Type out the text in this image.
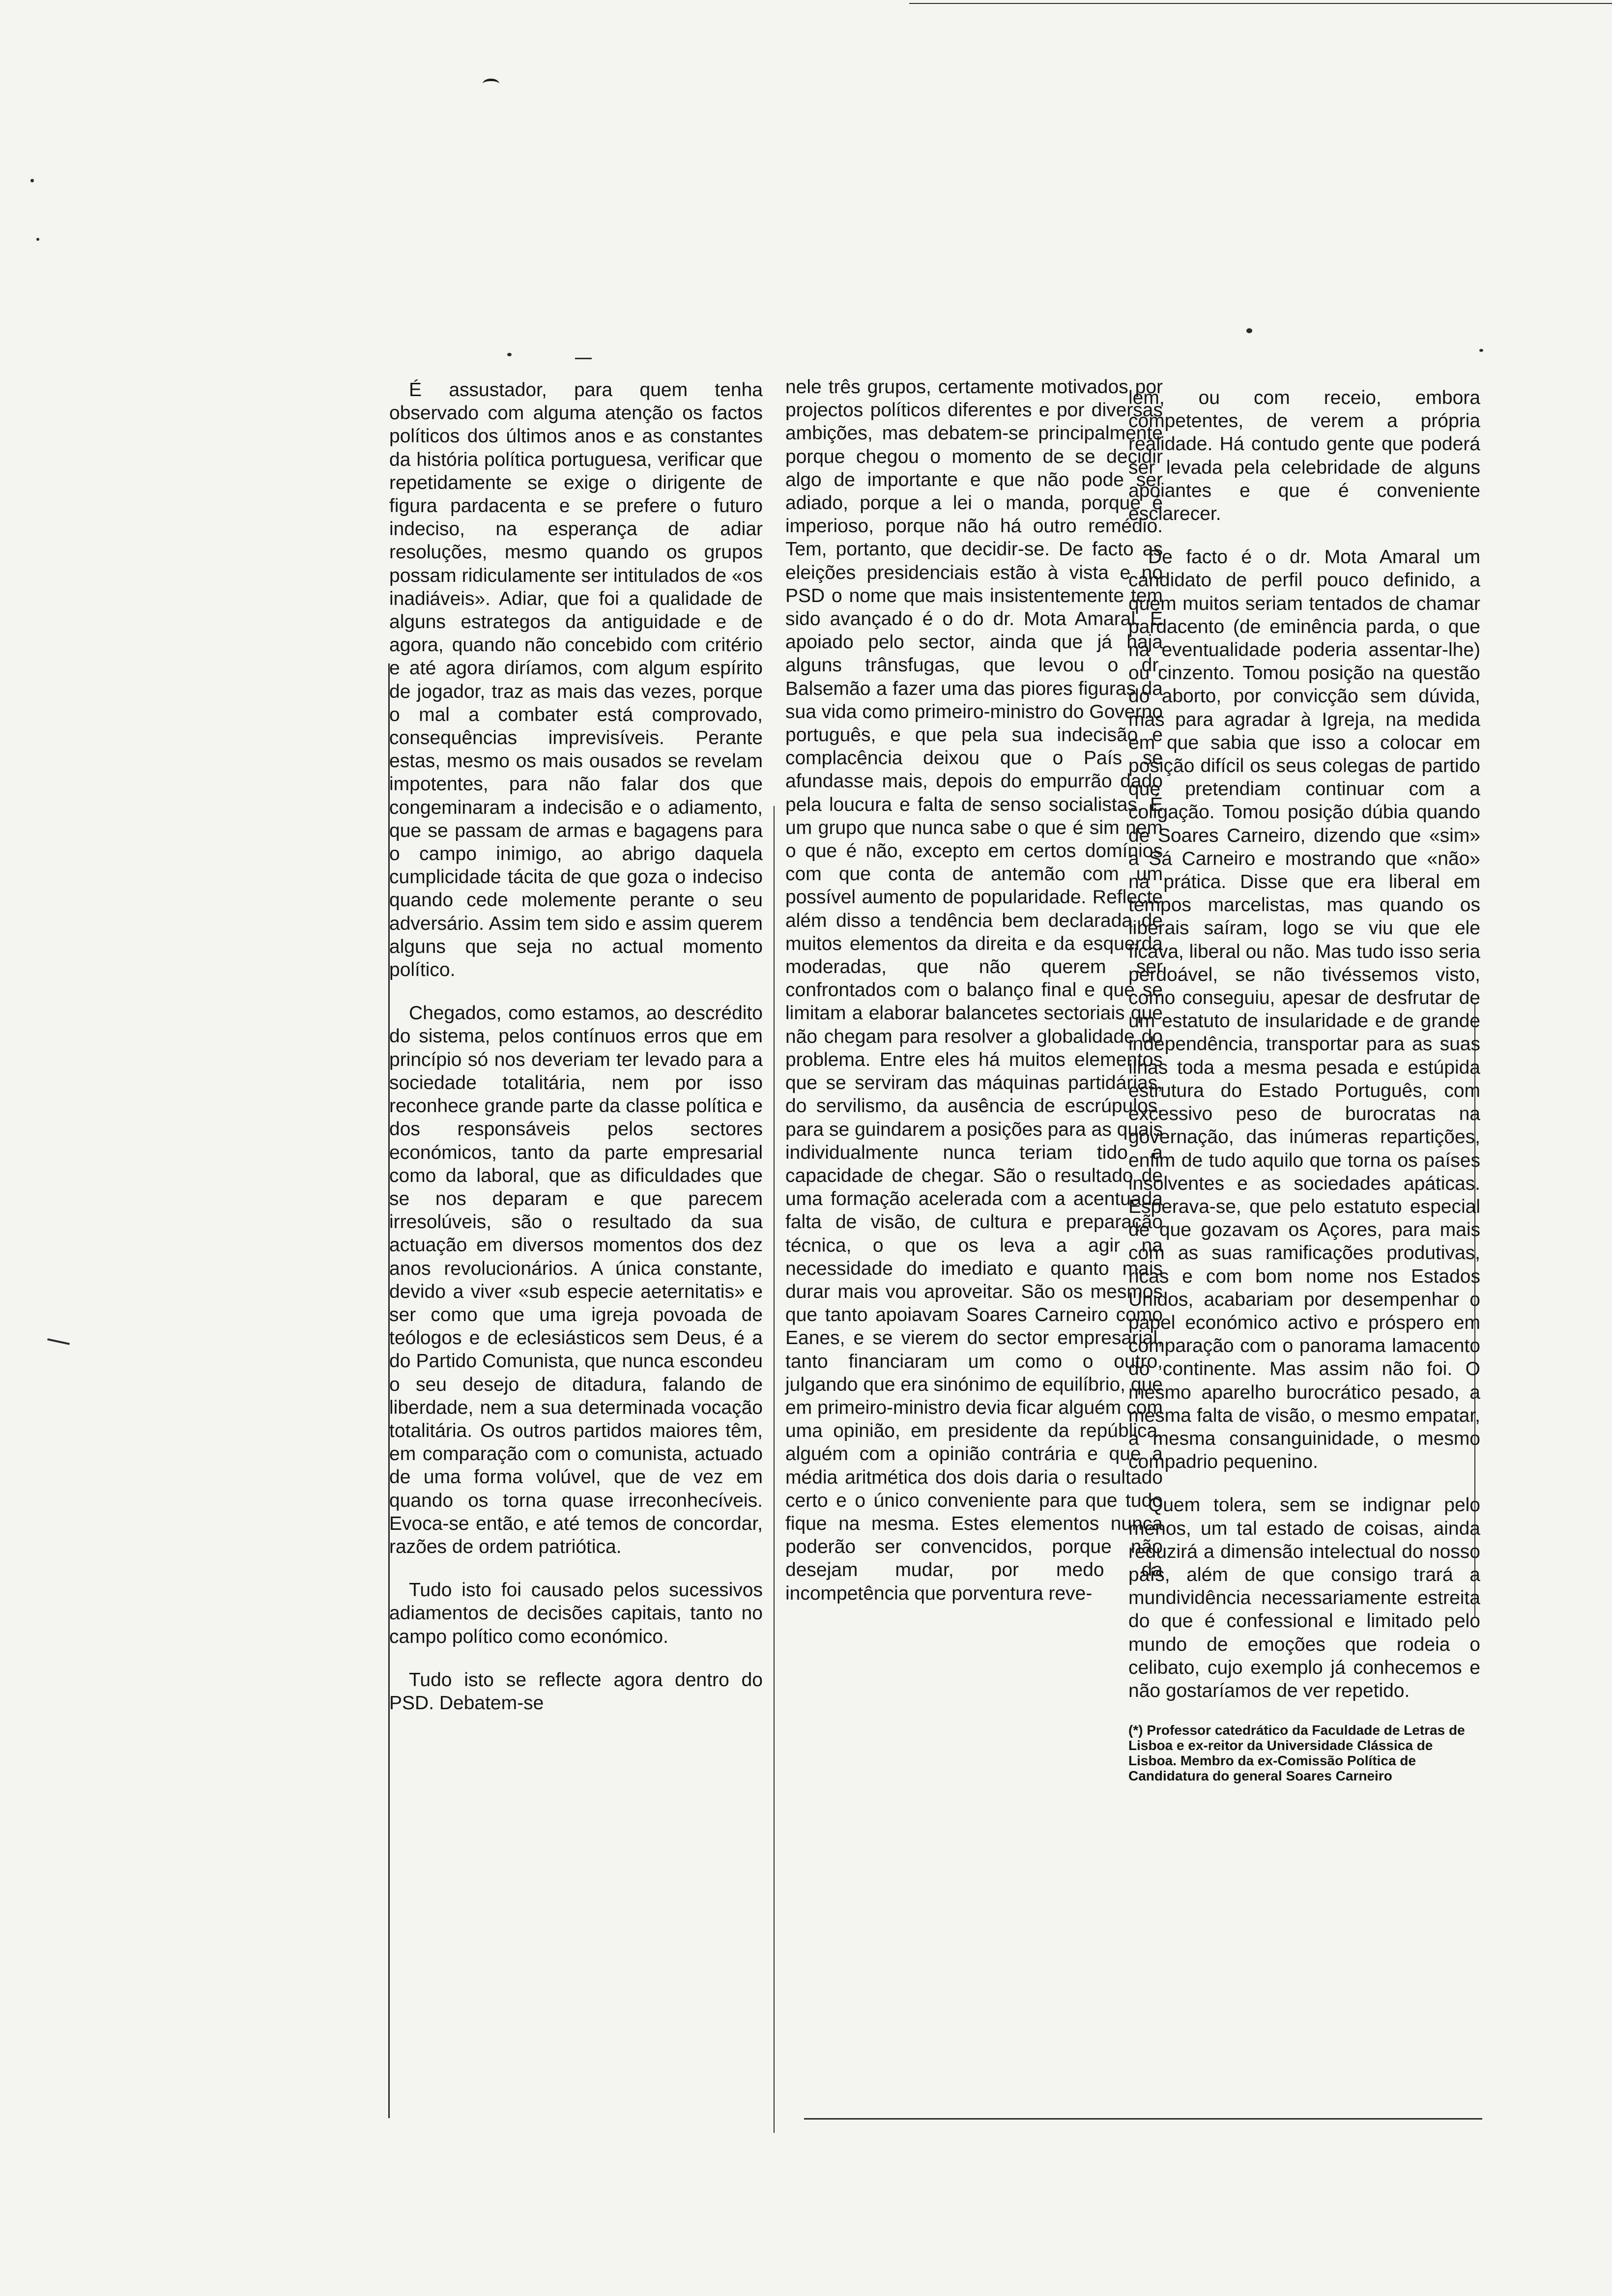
É assustador, para quem tenha observado com alguma atenção os factos políticos dos últimos anos e as constantes da história política portuguesa, verificar que repetidamente se exige o dirigente de figura pardacenta e se prefere o futuro indeciso, na esperança de adiar resoluções, mesmo quando os grupos possam ridiculamente ser intitulados de «os inadiáveis». Adiar, que foi a qualidade de alguns estrategos da antiguidade e de agora, quando não concebido com critério e até agora diríamos, com algum espírito de jogador, traz as mais das vezes, porque o mal a combater está comprovado, consequências imprevisíveis. Perante estas, mesmo os mais ousados se revelam impotentes, para não falar dos que congeminaram a indecisão e o adiamento, que se passam de armas e bagagens para o campo inimigo, ao abrigo daquela cumplicidade tácita de que goza o indeciso quando cede molemente perante o seu adversário. Assim tem sido e assim querem alguns que seja no actual momento político.

Chegados, como estamos, ao descrédito do sistema, pelos contínuos erros que em princípio só nos deveriam ter levado para a sociedade totalitária, nem por isso reconhece grande parte da classe política e dos responsáveis pelos sectores económicos, tanto da parte empresarial como da laboral, que as dificuldades que se nos deparam e que parecem irresolúveis, são o resultado da sua actuação em diversos momentos dos dez anos revolucionários. A única constante, devido a viver «sub especie aeternitatis» e ser como que uma igreja povoada de teólogos e de eclesiásticos sem Deus, é a do Partido Comunista, que nunca escondeu o seu desejo de ditadura, falando de liberdade, nem a sua determinada vocação totalitária. Os outros partidos maiores têm, em comparação com o comunista, actuado de uma forma volúvel, que de vez em quando os torna quase irreconhecíveis. Evoca-se então, e até temos de concordar, razões de ordem patriótica.

Tudo isto foi causado pelos sucessivos adiamentos de decisões capitais, tanto no campo político como económico.

Tudo isto se reflecte agora dentro do PSD. Debatem-se

nele três grupos, certamente motivados por projectos políticos diferentes e por diversas ambições, mas debatem-se principalmente porque chegou o momento de se decidir algo de importante e que não pode ser adiado, porque a lei o manda, porque é imperioso, porque não há outro remédio. Tem, portanto, que decidir-se. De facto as eleições presidenciais estão à vista e no PSD o nome que mais insistentemente tem sido avançado é o do dr. Mota Amaral. É apoiado pelo sector, ainda que já haja alguns trânsfugas, que levou o dr. Balsemão a fazer uma das piores figuras da sua vida como primeiro-ministro do Governo português, e que pela sua indecisão e complacência deixou que o País se afundasse mais, depois do empurrão dado pela loucura e falta de senso socialistas. É um grupo que nunca sabe o que é sim nem o que é não, excepto em certos domínios com que conta de antemão com um possível aumento de popularidade. Reflecte além disso a tendência bem declarada de muitos elementos da direita e da esquerda moderadas, que não querem ser confrontados com o balanço final e que se limitam a elaborar balancetes sectoriais que não chegam para resolver a globalidade do problema. Entre eles há muitos elementos que se serviram das máquinas partidárias, do servilismo, da ausência de escrúpulos, para se guindarem a posições para as quais individualmente nunca teriam tido a capacidade de chegar. São o resultado de uma formação acelerada com a acentuada falta de visão, de cultura e preparação técnica, o que os leva a agir na necessidade do imediato e quanto mais durar mais vou aproveitar. São os mesmos que tanto apoiavam Soares Carneiro como Eanes, e se vierem do sector empresarial, tanto financiaram um como o outro, julgando que era sinónimo de equilíbrio, que em primeiro-ministro devia ficar alguém com uma opinião, em presidente da república, alguém com a opinião contrária e que a média aritmética dos dois daria o resultado certo e o único conveniente para que tudo fique na mesma. Estes elementos nunca poderão ser convencidos, porque não desejam mudar, por medo da incompetência que porventura reve-

lem, ou com receio, embora competentes, de verem a própria realidade. Há contudo gente que poderá ser levada pela celebridade de alguns apoiantes e que é conveniente esclarecer.

De facto é o dr. Mota Amaral um candidato de perfil pouco definido, a quem muitos seriam tentados de chamar pardacento (de eminência parda, o que na eventualidade poderia assentar-lhe) ou cinzento. Tomou posição na questão do aborto, por convicção sem dúvida, mas para agradar à Igreja, na medida em que sabia que isso a colocar em posição difícil os seus colegas de partido que pretendiam continuar com a coligação. Tomou posição dúbia quando de Soares Carneiro, dizendo que «sim» a Sá Carneiro e mostrando que «não» na prática. Disse que era liberal em tempos marcelistas, mas quando os liberais saíram, logo se viu que ele ficava, liberal ou não. Mas tudo isso seria perdoável, se não tivéssemos visto, como conseguiu, apesar de desfrutar de um estatuto de insularidade e de grande independência, transportar para as suas ilhas toda a mesma pesada e estúpida estrutura do Estado Português, com excessivo peso de burocratas na governação, das inúmeras repartições, enfim de tudo aquilo que torna os países insolventes e as sociedades apáticas. Esperava-se, que pelo estatuto especial de que gozavam os Açores, para mais com as suas ramificações produtivas, ricas e com bom nome nos Estados Unidos, acabariam por desempenhar o papel económico activo e próspero em comparação com o panorama lamacento do continente. Mas assim não foi. O mesmo aparelho burocrático pesado, a mesma falta de visão, o mesmo empatar, a mesma consanguinidade, o mesmo compadrio pequenino.

Quem tolera, sem se indignar pelo menos, um tal estado de coisas, ainda reduzirá a dimensão intelectual do nosso país, além de que consigo trará a mundividência necessariamente estreita do que é confessional e limitado pelo mundo de emoções que rodeia o celibato, cujo exemplo já conhecemos e não gostaríamos de ver repetido.

(*) Professor catedrático da Faculdade de Letras de Lisboa e ex-reitor da Universidade Clássica de Lisboa. Membro da ex-Comissão Política de Candidatura do general Soares Carneiro
